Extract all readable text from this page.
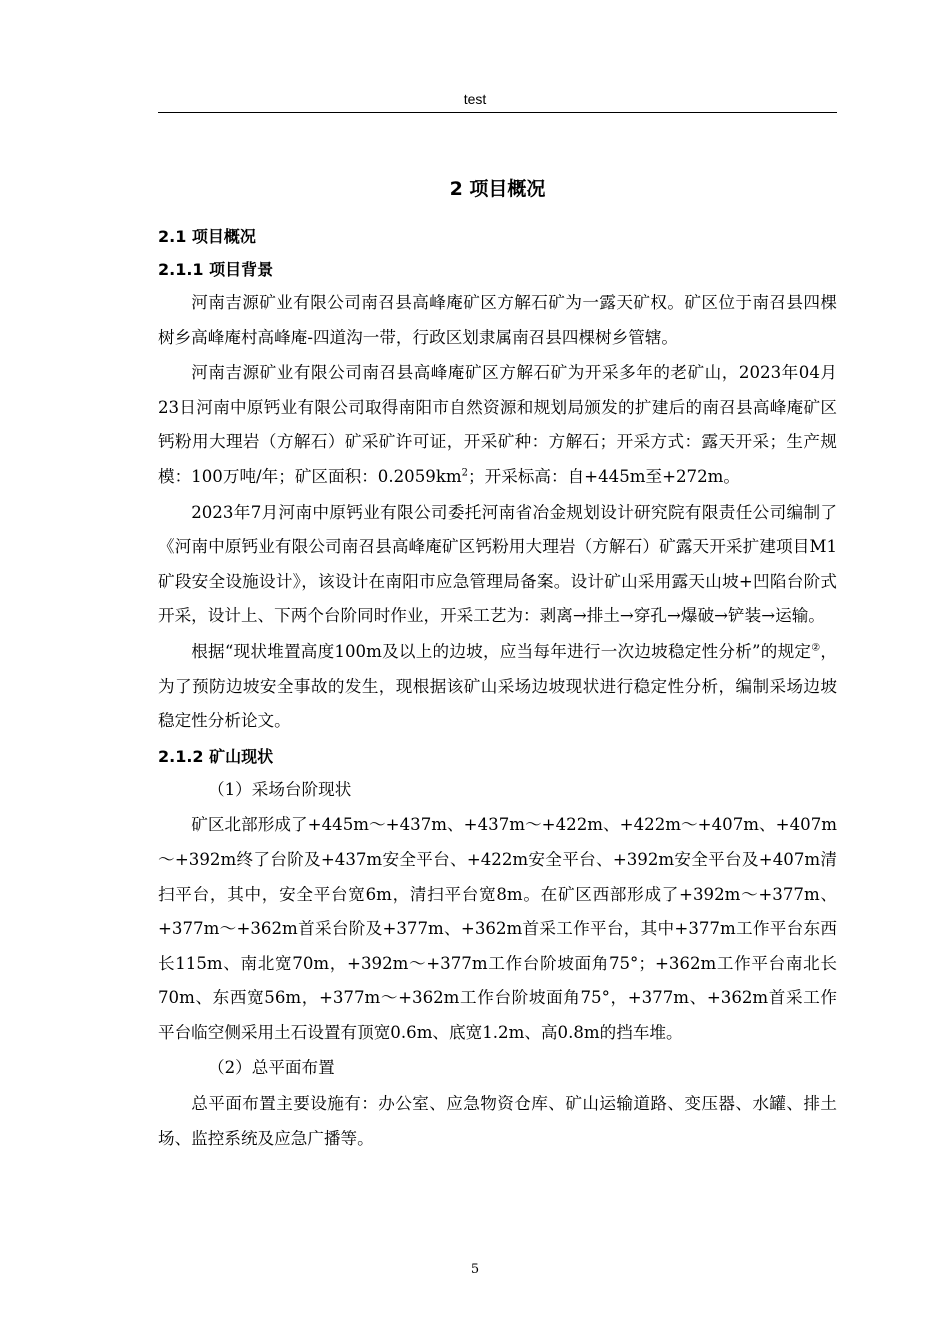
test
2 项目概况
2.1 项目概况
2.1.1 项目背景

河南吉源矿业有限公司南召县高峰庵矿区方解石矿为一露天矿权。矿区位于南召县四棵树乡高峰庵村高峰庵-四道沟一带，行政区划隶属南召县四棵树乡管辖。

河南吉源矿业有限公司南召县高峰庵矿区方解石矿为开采多年的老矿山，2023年04月23日河南中原钙业有限公司取得南阳市自然资源和规划局颁发的扩建后的南召县高峰庵矿区钙粉用大理岩（方解石）矿采矿许可证，开采矿种：方解石；开采方式：露天开采；生产规模：100万吨/年；矿区面积：$0.2059km^2$；开采标高：自+445m至+272m。

2023年7月河南中原钙业有限公司委托河南省冶金规划设计研究院有限责任公司编制了《河南中原钙业有限公司南召县高峰庵矿区钙粉用大理岩（方解石）矿露天开采扩建项目M1矿段安全设施设计》，该设计在南阳市应急管理局备案。设计矿山采用露天山坡+凹陷台阶式开采，设计上、下两个台阶同时作业，开采工艺为：剥离→排土→穿孔→爆破→铲装→运输。

根据“现状堆置高度100m及以上的边坡，应当每年进行一次边坡稳定性分析”的规定②，为了预防边坡安全事故的发生，现根据该矿山采场边坡现状进行稳定性分析，编制采场边坡稳定性分析论文。

2.1.2 矿山现状

（1）采场台阶现状

矿区北部形成了+445m～+437m、+437m～+422m、+422m～+407m、+407m～+392m终了台阶及+437m安全平台、+422m安全平台、+392m安全平台及+407m清扫平台，其中，安全平台宽6m，清扫平台宽8m。在矿区西部形成了+392m～+377m、+377m～+362m首采台阶及+377m、+362m首采工作平台，其中+377m工作平台东西长115m、南北宽70m，+392m～+377m工作台阶坡面角75°；+362m工作平台南北长70m、东西宽56m，+377m～+362m工作台阶坡面角75°，+377m、+362m首采工作平台临空侧采用土石设置有顶宽0.6m、底宽1.2m、高0.8m的挡车堆。

（2）总平面布置

总平面布置主要设施有：办公室、应急物资仓库、矿山运输道路、变压器、水罐、排土场、监控系统及应急广播等。

5
